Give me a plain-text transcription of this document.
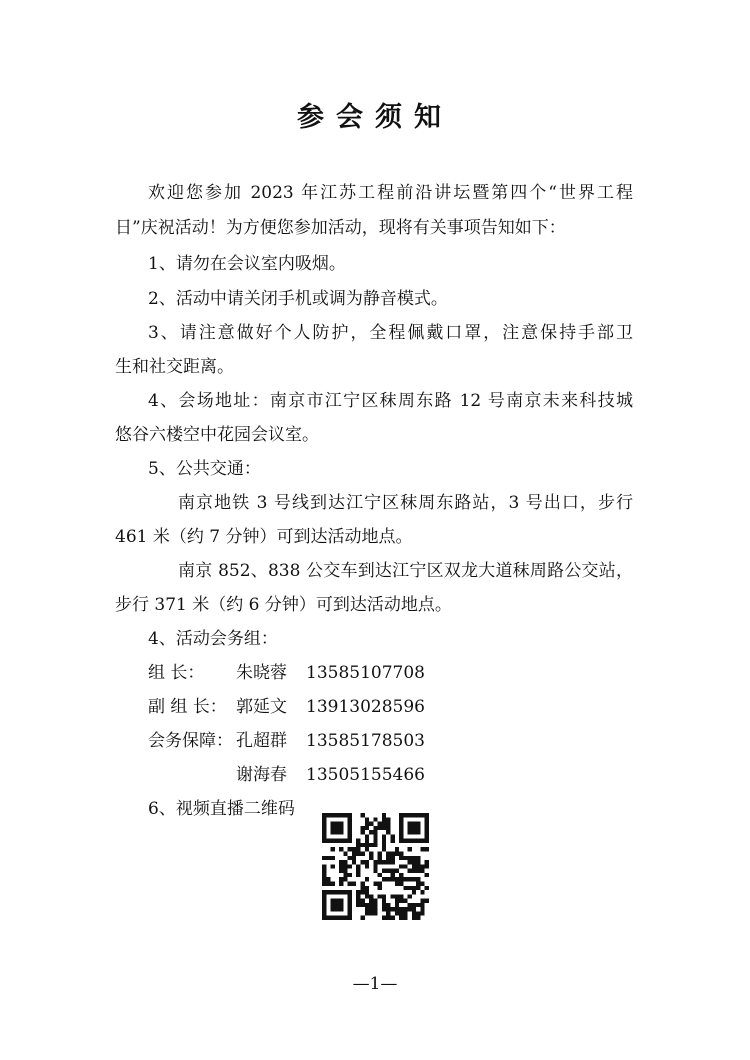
参会须知
欢迎您参加 2023 年江苏工程前沿讲坛暨第四个“世界工程
日”庆祝活动！为方便您参加活动，现将有关事项告知如下：
1、请勿在会议室内吸烟。
2、活动中请关闭手机或调为静音模式。
3、请注意做好个人防护，全程佩戴口罩，注意保持手部卫
生和社交距离。
4、会场地址：南京市江宁区秣周东路 12 号南京未来科技城
悠谷六楼空中花园会议室。
5、公共交通：
南京地铁 3 号线到达江宁区秣周东路站，3 号出口，步行
461 米（约 7 分钟）可到达活动地点。
南京 852、838 公交车到达江宁区双龙大道秣周路公交站，
步行 371 米（约 6 分钟）可到达活动地点。
4、活动会务组：
组 长：	朱晓蓉 13585107708
副 组 长： 郭延文 13913028596
会务保障： 孔超群 13585178503
谢海春 13505155466
6、视频直播二维码
—1—
